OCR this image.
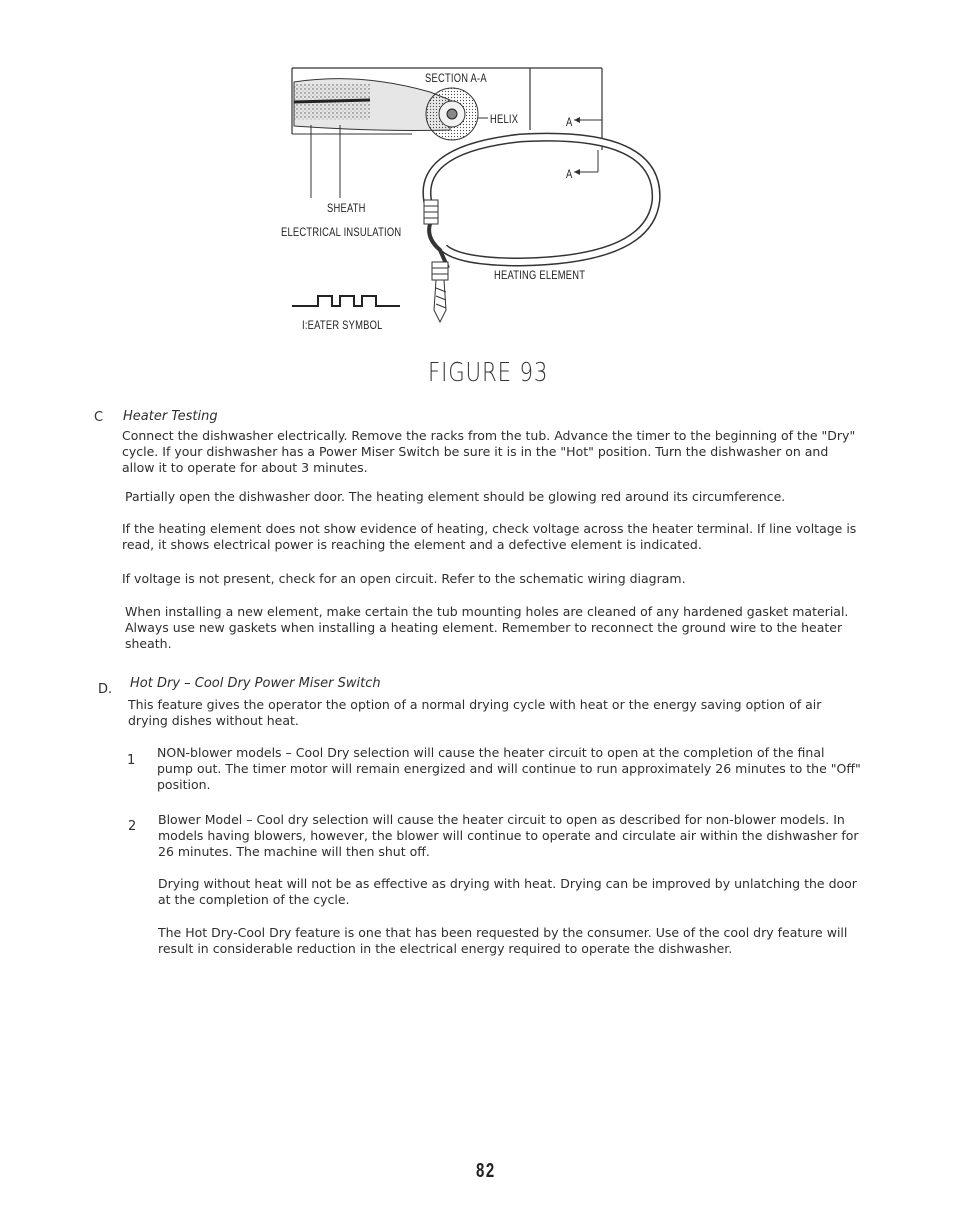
SECTION A-A
HELIX	A
A
SHEATH
ELECTRICAL INSULATION
HEATING ELEMENT
I:EATER SYMBOL
FIGURE 93
C Heater Testing
Connect the dishwasher electrically. Remove the racks from the tub. Advance the timer to the beginning of the "Dry" cycle. If your dishwasher has a Power Miser Switch be sure it is in the "Hot" position. Turn the dishwasher on and allow it to operate for about 3 minutes.
Partially open the dishwasher door. The heating element should be glowing red around its circumference.
If the heating element does not show evidence of heating, check voltage across the heater terminal. If line voltage is read, it shows electrical power is reaching the element and a defective element is indicated.
If voltage is not present, check for an open circuit. Refer to the schematic wiring diagram.
When installing a new element, make certain the tub mounting holes are cleaned of any hardened gasket material. Always use new gaskets when installing a heating element. Remember to reconnect the ground wire to the heater sheath.
D. Hot Dry – Cool Dry Power Miser Switch
This feature gives the operator the option of a normal drying cycle with heat or the energy saving option of air drying dishes without heat.
1
NON-blower models – Cool Dry selection will cause the heater circuit to open at the completion of the final pump out. The timer motor will remain energized and will continue to run approximately 26 minutes to the "Off" position.
2 Blower Model – Cool dry selection will cause the heater circuit to open as described for non-blower models. In models having blowers, however, the blower will continue to operate and circulate air within the dishwasher for 26 minutes. The machine will then shut off.
Drying without heat will not be as effective as drying with heat. Drying can be improved by unlatching the door at the completion of the cycle.
The Hot Dry-Cool Dry feature is one that has been requested by the consumer. Use of the cool dry feature will result in considerable reduction in the electrical energy required to operate the dishwasher.
82
